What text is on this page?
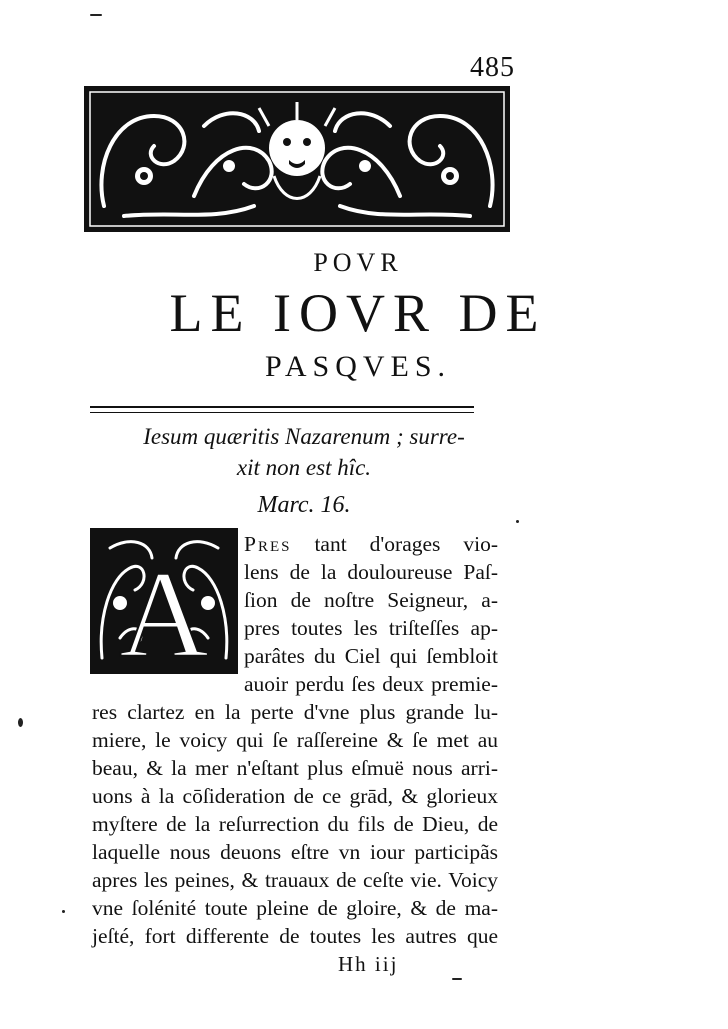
485
POVR
LE IOVR DE
PASQVES.
Iesum quæritis Nazarenum ; surre-
xit non est hîc.
Marc. 16.
A
Pres tant d'orages vio-
lens de la douloureuse Paſ-
ſion de noſtre Seigneur, a-
pres toutes les triſteſſes ap-
parâtes du Ciel qui ſembloit
auoir perdu ſes deux premie-
res clartez en la perte d'vne plus grande lu-
miere, le voicy qui ſe raſſereine & ſe met au
beau, & la mer n'eſtant plus eſmuë nous arri-
uons à la cōſideration de ce grād, & glorieux
myſtere de la reſurrection du fils de Dieu, de
laquelle nous deuons eſtre vn iour participãs
apres les peines, & trauaux de ceſte vie. Voicy
vne ſolénité toute pleine de gloire, & de ma-
jeſté, fort differente de toutes les autres que
Hh iij
